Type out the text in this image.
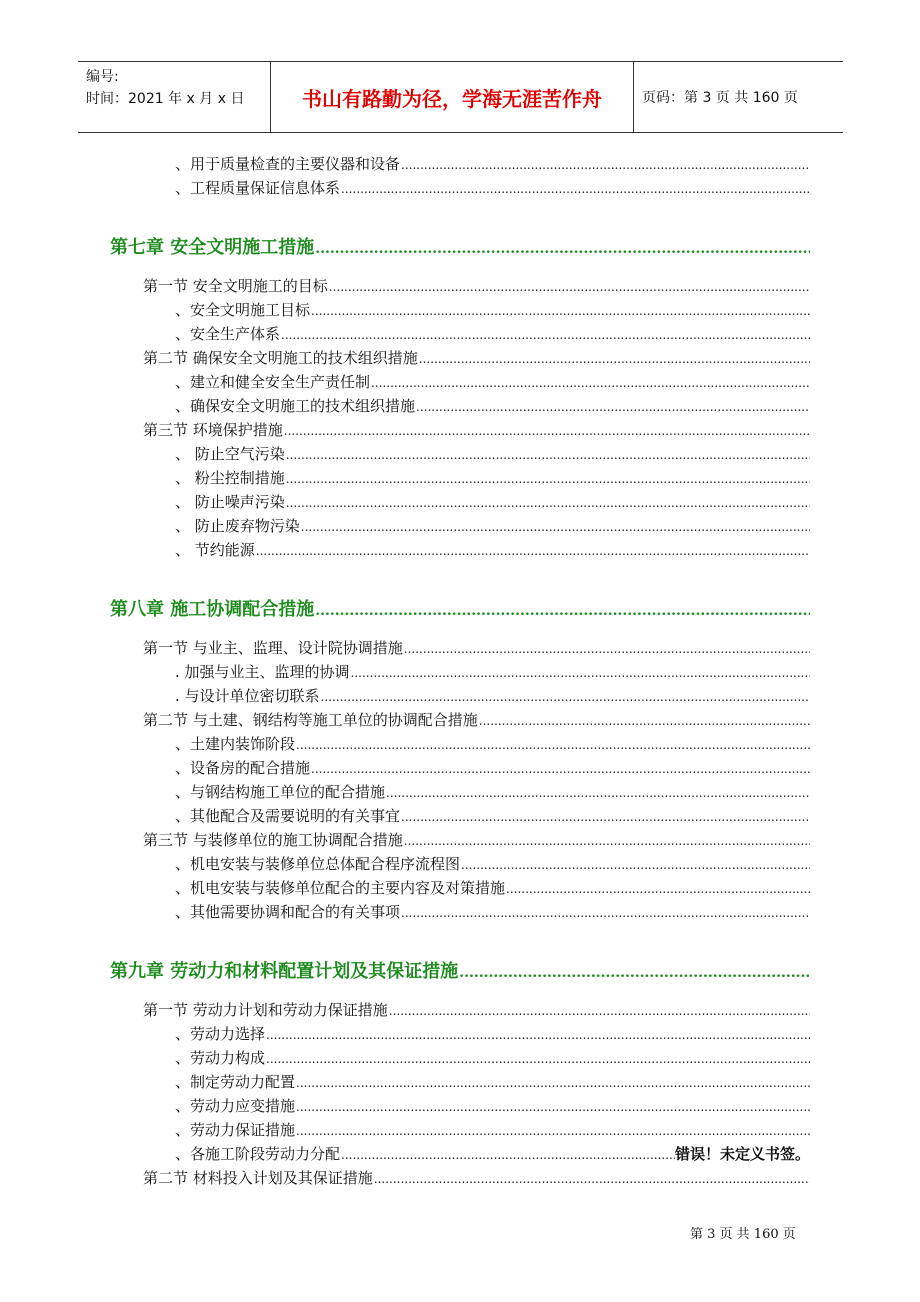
编号:
时间：2021 年 x 月 x 日	书山有路勤为径，学海无涯苦作舟	页码：第 3 页 共 160 页
、用于质量检查的主要仪器和设备
.....
、工程质量保证信息体系
.....
第七章 安全文明施工措施
.....
第一节 安全文明施工的目标
.....
、安全文明施工目标
.....
、安全生产体系
.....
第二节 确保安全文明施工的技术组织措施
.....
、建立和健全安全生产责任制
.....
、确保安全文明施工的技术组织措施
.....
第三节 环境保护措施
.....
、 防止空气污染
.....
、 粉尘控制措施
.....
、 防止噪声污染
.....
、 防止废弃物污染
.....
、 节约能源
.....
第八章 施工协调配合措施
.....
第一节 与业主、监理、设计院协调措施
.....
. 加强与业主、监理的协调
.....
. 与设计单位密切联系
.....
第二节 与土建、钢结构等施工单位的协调配合措施
.....
、土建内装饰阶段
.....
、设备房的配合措施
.....
、与钢结构施工单位的配合措施
.....
、其他配合及需要说明的有关事宜
.....
第三节 与装修单位的施工协调配合措施
.....
、机电安装与装修单位总体配合程序流程图
.....
、机电安装与装修单位配合的主要内容及对策措施
.....
、其他需要协调和配合的有关事项
.....
第九章 劳动力和材料配置计划及其保证措施
.....
第一节 劳动力计划和劳动力保证措施
.....
、劳动力选择
.....
、劳动力构成
.....
、制定劳动力配置
.....
、劳动力应变措施
.....
、劳动力保证措施
.....
、各施工阶段劳动力分配
.....	错误！未定义书签。
第二节 材料投入计划及其保证措施
.....
第 3 页 共 160 页
